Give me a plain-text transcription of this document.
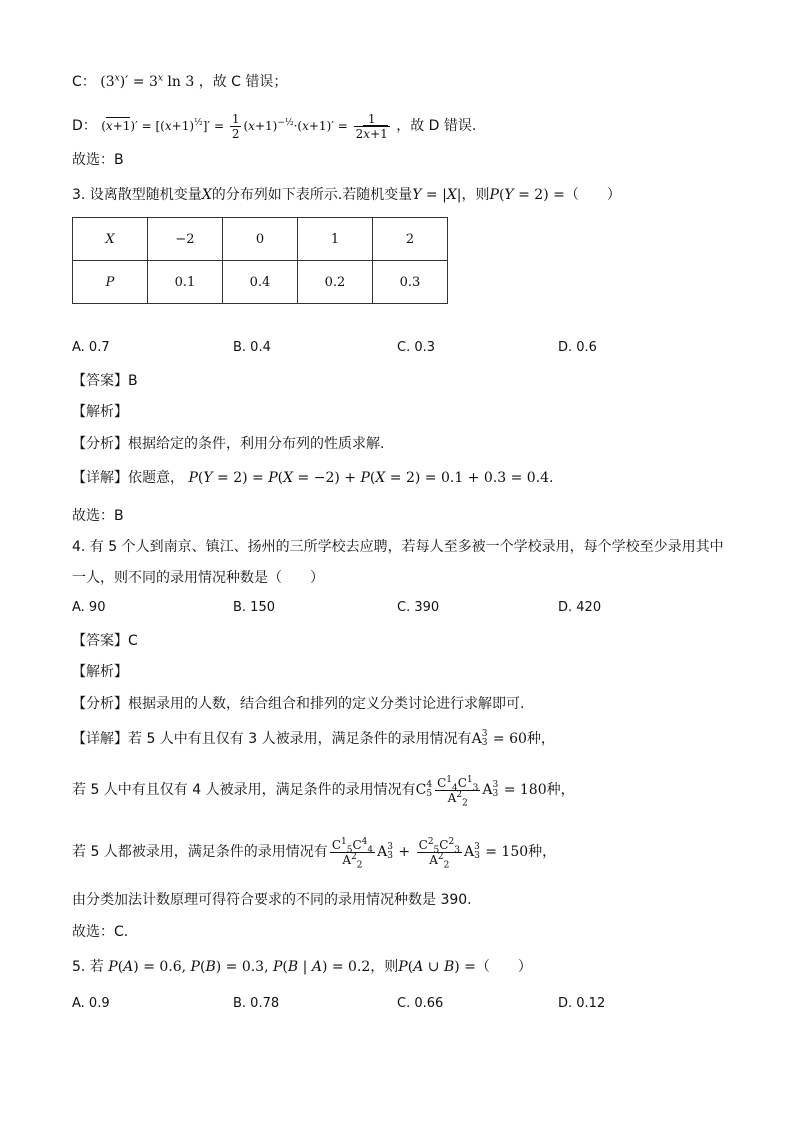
C： $(3^x)' = 3^x$ ln 3 ，故 C 错误；
D： $(x+1)' = [(x+1)^{\frac{1}{2}}]' = \frac{1}{2} (x+1)^{-\frac{1}{2}}\cdot(x+1)' = \frac{1}{2x+1}$ ，故 D 错误.
故选：B
3. 设离散型随机变量X的分布列如下表所示.若随机变量Y = |X|，则P(Y = 2) =（　　）
X	−2	0	1	2
P	0.1	0.4	0.2	0.3
A. 0.7	B. 0.4	C. 0.3	D. 0.6
【答案】B
【解析】
【分析】根据给定的条件，利用分布列的性质求解.
【详解】依题意， P(Y = 2) = P(X = −2) + P(X = 2) = 0.1 + 0.3 = 0.4.
故选：B
4. 有 5 个人到南京、镇江、扬州的三所学校去应聘，若每人至多被一个学校录用，每个学校至少录用其中
一人，则不同的录用情况种数是（　　）
A. 90	B. 150	C. 390	D. 420
【答案】C
【解析】
【分析】根据录用的人数，结合组合和排列的定义分类讨论进行求解即可.
【详解】若 5 人中有且仅有 3 人被录用，满足条件的录用情况有A 3
3 = 60种，
若 5 人中有且仅有 4 人被录用，满足条件的录用情况有C 4
$5 \frac{C^1_4C^1_3}{A^2_2}$ A 3
3 = 180种，
若 5 人都被录用，满足条件的录用情况有 $\frac{C^1_5C^4_4}{A^2_2}$ A 3
$3 + \frac{C^2_5C^2_3}{A^2_2}$ A 3
3 = 150种，
由分类加法计数原理可得符合要求的不同的录用情况种数是 390.
故选：C.
5. 若 P(A) = 0.6, P(B) = 0.3, P(B | A) = 0.2，则P(A ∪ B) =（　　）
A. 0.9	B. 0.78	C. 0.66	D. 0.12
